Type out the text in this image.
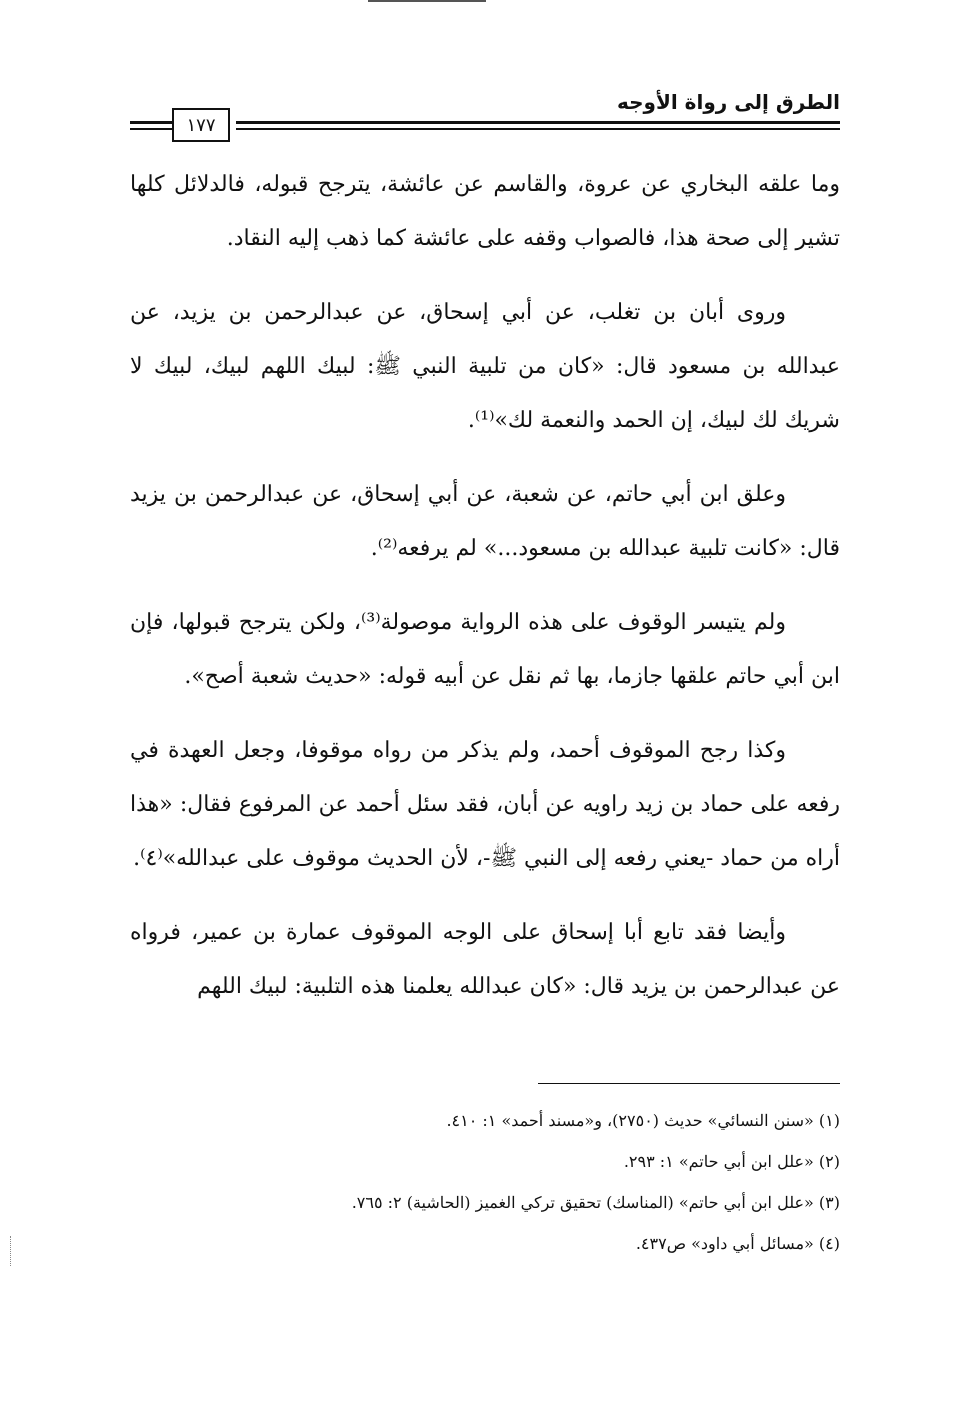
الطرق إلى رواة الأوجه
١٧٧

وما علقه البخاري عن عروة، والقاسم عن عائشة، يترجح قبوله، فالدلائل كلها تشير إلى صحة هذا، فالصواب وقفه على عائشة كما ذهب إليه النقاد.

وروى أبان بن تغلب، عن أبي إسحاق، عن عبدالرحمن بن يزيد، عن عبدالله بن مسعود قال: «كان من تلبية النبي ﷺ: لبيك اللهم لبيك، لبيك لا شريك لك لبيك، إن الحمد والنعمة لك»⁽¹⁾.

وعلق ابن أبي حاتم، عن شعبة، عن أبي إسحاق، عن عبدالرحمن بن يزيد قال: «كانت تلبية عبدالله بن مسعود...» لم يرفعه⁽²⁾.

ولم يتيسر الوقوف على هذه الرواية موصولة⁽³⁾، ولكن يترجح قبولها، فإن ابن أبي حاتم علقها جازما، بها ثم نقل عن أبيه قوله: «حديث شعبة أصح».

وكذا رجح الموقوف أحمد، ولم يذكر من رواه موقوفا، وجعل العهدة في رفعه على حماد بن زيد راويه عن أبان، فقد سئل أحمد عن المرفوع فقال: «هذا أراه من حماد -يعني رفعه إلى النبي ﷺ-، لأن الحديث موقوف على عبدالله»⁽٤⁾.

وأيضا فقد تابع أبا إسحاق على الوجه الموقوف عمارة بن عمير، فرواه عن عبدالرحمن بن يزيد قال: «كان عبدالله يعلمنا هذه التلبية: لبيك اللهم

(١) «سنن النسائي» حديث (٢٧٥٠)، و«مسند أحمد» ١: ٤١٠.
(٢) «علل ابن أبي حاتم» ١: ٢٩٣.
(٣) «علل ابن أبي حاتم» (المناسك) تحقيق تركي الغميز (الحاشية) ٢: ٧٦٥.
(٤) «مسائل أبي داود» ص٤٣٧.
